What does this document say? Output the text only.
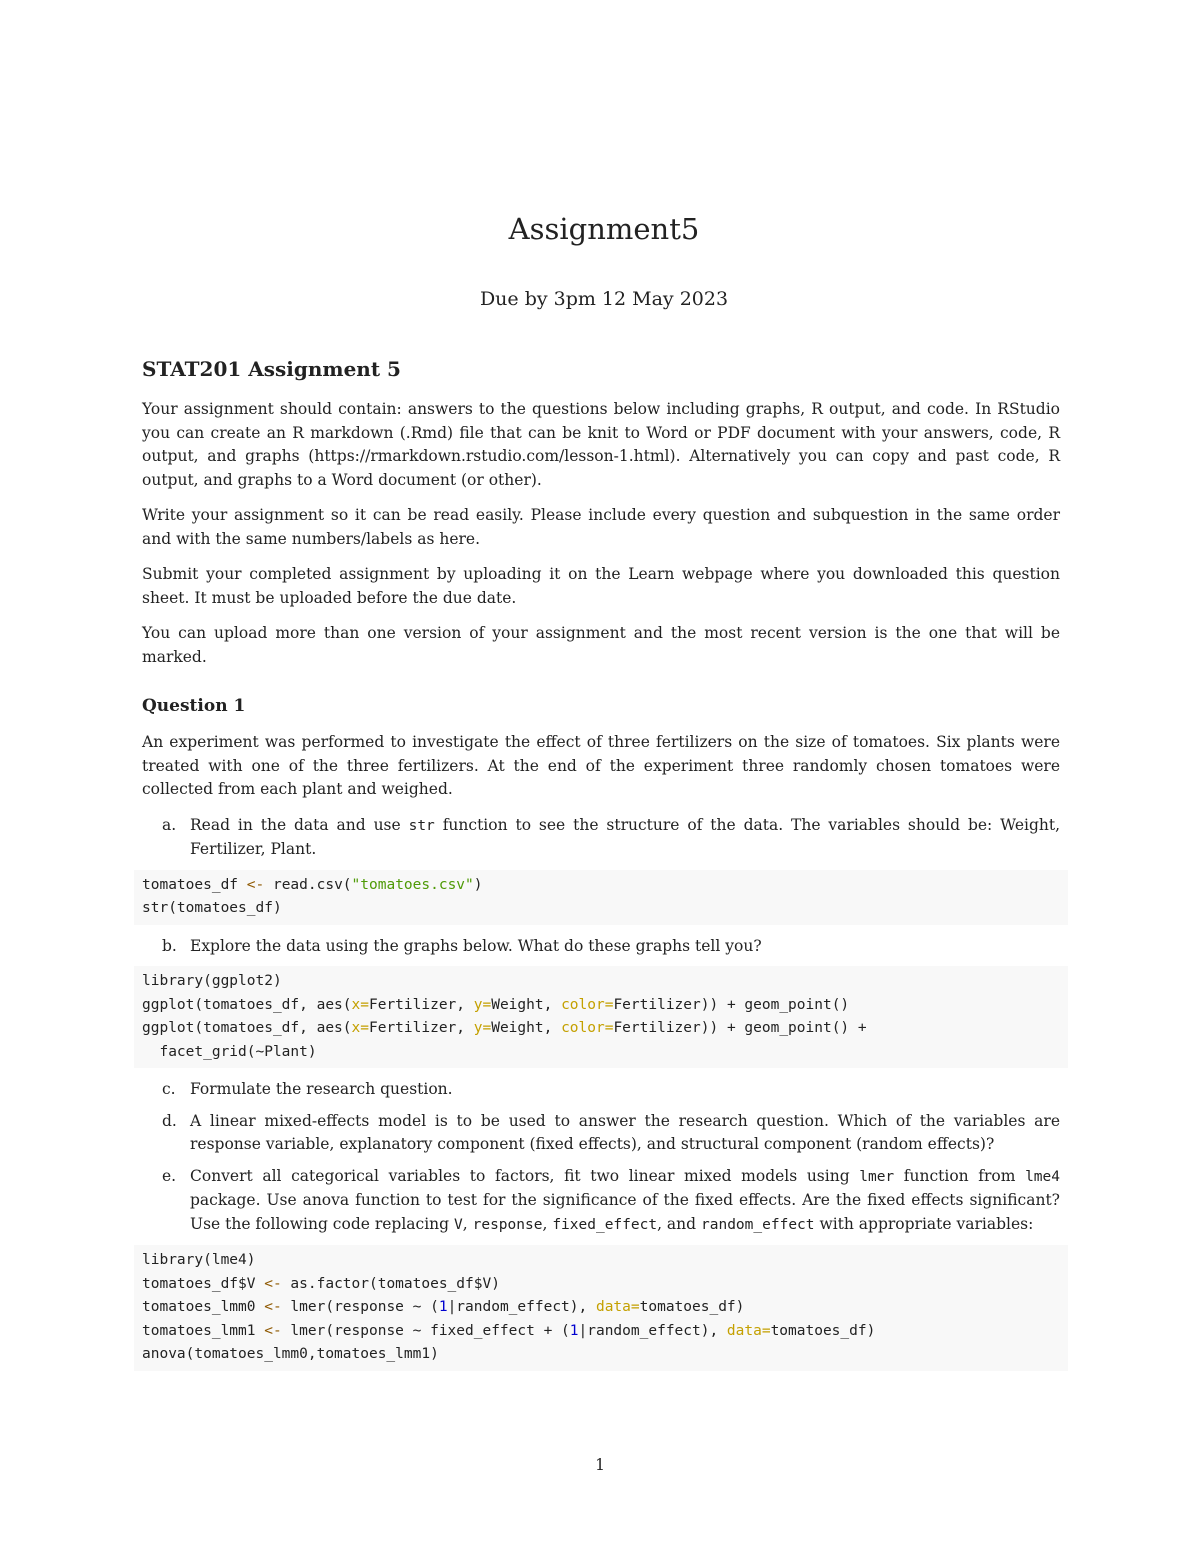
Assignment5
Due by 3pm 12 May 2023
STAT201 Assignment 5

Your assignment should contain: answers to the questions below including graphs, R output, and code. In RStudio you can create an R markdown (.Rmd) file that can be knit to Word or PDF document with your answers, code, R output, and graphs (https://rmarkdown.rstudio.com/lesson-1.html). Alternatively you can copy and past code, R output, and graphs to a Word document (or other).

Write your assignment so it can be read easily. Please include every question and subquestion in the same order and with the same numbers/labels as here.

Submit your completed assignment by uploading it on the Learn webpage where you downloaded this question sheet. It must be uploaded before the due date.

You can upload more than one version of your assignment and the most recent version is the one that will be marked.

Question 1

An experiment was performed to investigate the effect of three fertilizers on the size of tomatoes. Six plants were treated with one of the three fertilizers. At the end of the experiment three randomly chosen tomatoes were collected from each plant and weighed.

a. Read in the data and use str function to see the structure of the data. The variables should be: Weight, Fertilizer, Plant.
tomatoes_df <- read.csv("tomatoes.csv")
str(tomatoes_df)
b. Explore the data using the graphs below. What do these graphs tell you?
library(ggplot2)
ggplot(tomatoes_df, aes(x=Fertilizer, y=Weight, color=Fertilizer)) + geom_point()
ggplot(tomatoes_df, aes(x=Fertilizer, y=Weight, color=Fertilizer)) + geom_point() +
facet_grid(~Plant)
c. Formulate the research question.
d. A linear mixed-effects model is to be used to answer the research question. Which of the variables are response variable, explanatory component (fixed effects), and structural component (random effects)?
e. Convert all categorical variables to factors, fit two linear mixed models using lmer function from lme4 package. Use anova function to test for the significance of the fixed effects. Are the fixed effects significant? Use the following code replacing V, response, fixed_effect, and random_effect with appropriate variables:
library(lme4)
tomatoes_df$V <- as.factor(tomatoes_df$V)
tomatoes_lmm0 <- lmer(response ~ (1|random_effect), data=tomatoes_df)
tomatoes_lmm1 <- lmer(response ~ fixed_effect + (1|random_effect), data=tomatoes_df)
anova(tomatoes_lmm0,tomatoes_lmm1)
1
